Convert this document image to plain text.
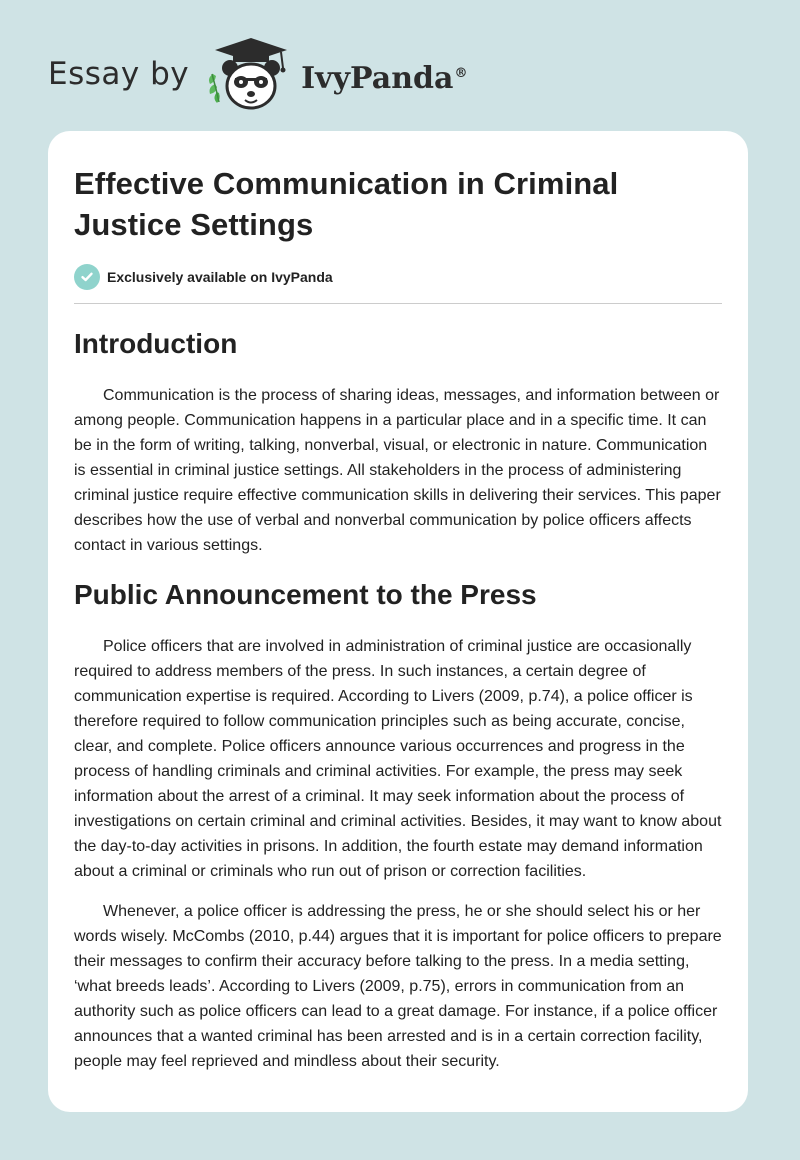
Essay by	IvyPanda®
Effective Communication in Criminal Justice Settings
Exclusively available on IvyPanda
Introduction

Communication is the process of sharing ideas, messages, and information between or among people. Communication happens in a particular place and in a specific time. It can be in the form of writing, talking, nonverbal, visual, or electronic in nature. Communication is essential in criminal justice settings. All stakeholders in the process of administering criminal justice require effective communication skills in delivering their services. This paper describes how the use of verbal and nonverbal communication by police officers affects contact in various settings.

Public Announcement to the Press

Police officers that are involved in administration of criminal justice are occasionally required to address members of the press. In such instances, a certain degree of communication expertise is required. According to Livers (2009, p.74), a police officer is therefore required to follow communication principles such as being accurate, concise, clear, and complete. Police officers announce various occurrences and progress in the process of handling criminals and criminal activities. For example, the press may seek information about the arrest of a criminal. It may seek information about the process of investigations on certain criminal and criminal activities. Besides, it may want to know about the day-to-day activities in prisons. In addition, the fourth estate may demand information about a criminal or criminals who run out of prison or correction facilities.

Whenever, a police officer is addressing the press, he or she should select his or her words wisely. McCombs (2010, p.44) argues that it is important for police officers to prepare their messages to confirm their accuracy before talking to the press. In a media setting, ‘what breeds leads’. According to Livers (2009, p.75), errors in communication from an authority such as police officers can lead to a great damage. For instance, if a police officer announces that a wanted criminal has been arrested and is in a certain correction facility, people may feel reprieved and mindless about their security.
